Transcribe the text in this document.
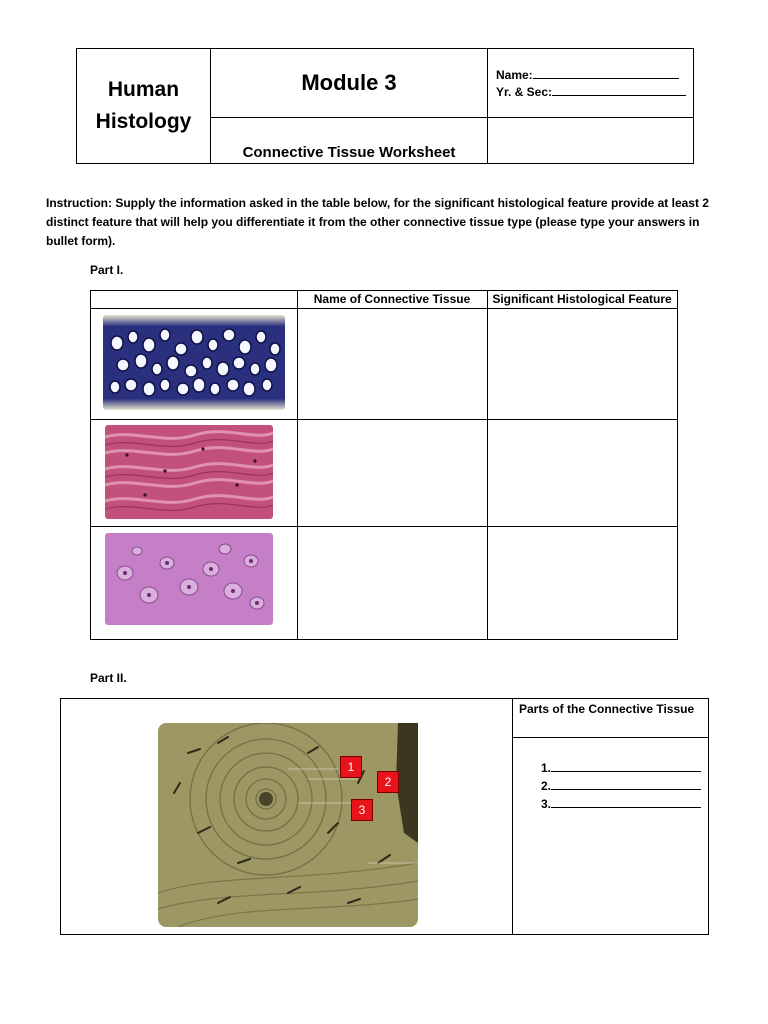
Human
Histology
Module 3
Connective Tissue Worksheet
Name:
Yr. & Sec:
Instruction: Supply the information asked in the table below, for the significant histological feature provide at least 2 distinct feature that will help you differentiate it from the other connective tissue type (please type your answers in bullet form).
Part I.
Name of Connective Tissue	Significant Histological Feature
Part II.
Parts of the Connective Tissue
1
2
3
1.
2.
3.
